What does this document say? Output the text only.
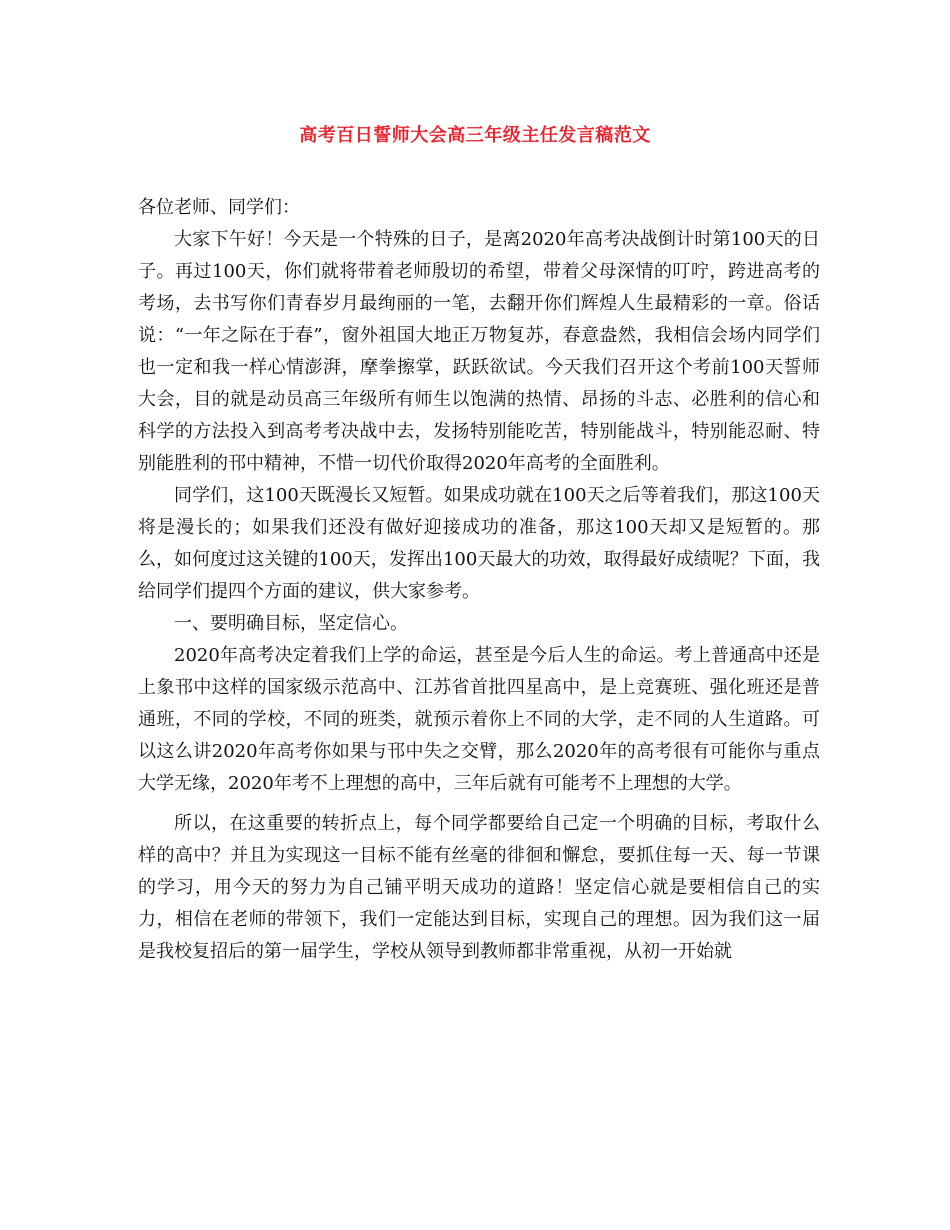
高考百日誓师大会高三年级主任发言稿范文

各位老师、同学们：

大家下午好！今天是一个特殊的日子，是离2020年高考决战倒计时第100天的日子。再过100天，你们就将带着老师殷切的希望，带着父母深情的叮咛，跨进高考的考场，去书写你们青春岁月最绚丽的一笔，去翻开你们辉煌人生最精彩的一章。俗话说：“一年之际在于春”，窗外祖国大地正万物复苏，春意盎然，我相信会场内同学们也一定和我一样心情澎湃，摩拳擦掌，跃跃欲试。今天我们召开这个考前100天誓师大会，目的就是动员高三年级所有师生以饱满的热情、昂扬的斗志、必胜利的信心和科学的方法投入到高考考决战中去，发扬特别能吃苦，特别能战斗，特别能忍耐、特别能胜利的邗中精神，不惜一切代价取得2020年高考的全面胜利。

同学们，这100天既漫长又短暂。如果成功就在100天之后等着我们，那这100天将是漫长的；如果我们还没有做好迎接成功的准备，那这100天却又是短暂的。那么，如何度过这关键的100天，发挥出100天最大的功效，取得最好成绩呢？下面，我给同学们提四个方面的建议，供大家参考。

一、要明确目标，坚定信心。

2020年高考决定着我们上学的命运，甚至是今后人生的命运。考上普通高中还是上象邗中这样的国家级示范高中、江苏省首批四星高中，是上竞赛班、强化班还是普通班，不同的学校，不同的班类，就预示着你上不同的大学，走不同的人生道路。可以这么讲2020年高考你如果与邗中失之交臂，那么2020年的高考很有可能你与重点大学无缘，2020年考不上理想的高中，三年后就有可能考不上理想的大学。

所以，在这重要的转折点上，每个同学都要给自己定一个明确的目标，考取什么样的高中？并且为实现这一目标不能有丝毫的徘徊和懈怠，要抓住每一天、每一节课的学习，用今天的努力为自己铺平明天成功的道路！坚定信心就是要相信自己的实力，相信在老师的带领下，我们一定能达到目标，实现自己的理想。因为我们这一届是我校复招后的第一届学生，学校从领导到教师都非常重视，从初一开始就
